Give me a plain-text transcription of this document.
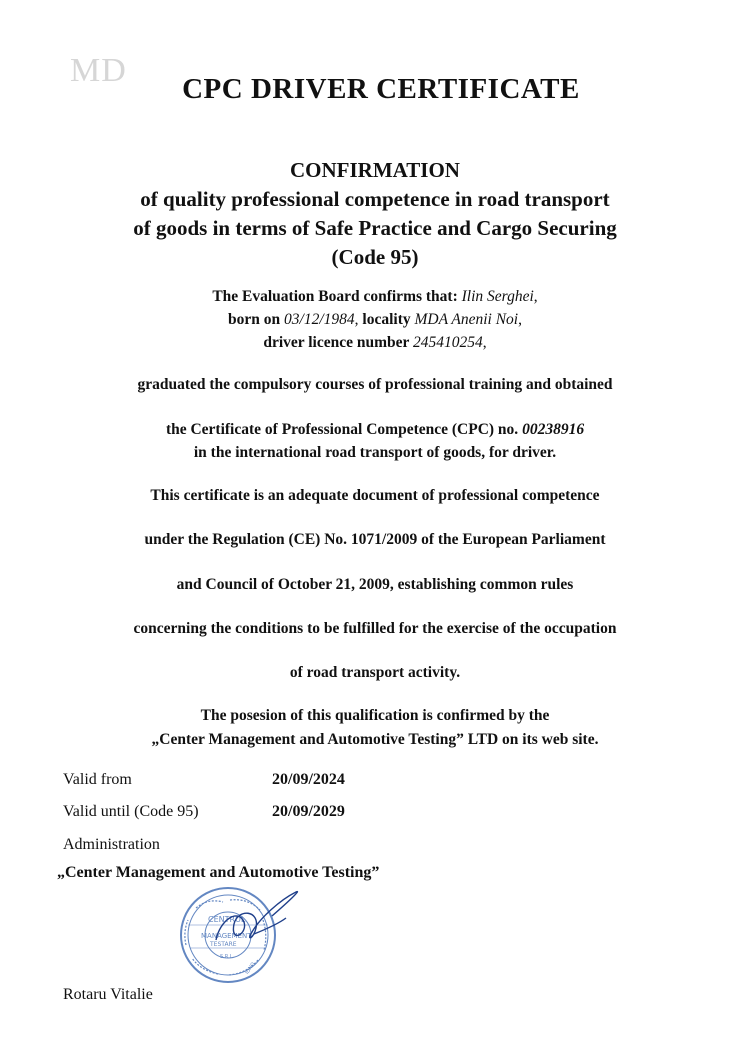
MD	CPC DRIVER CERTIFICATE
CONFIRMATION
of quality professional competence in road transport
of goods in terms of Safe Practice and Cargo Securing
(Code 95)
The Evaluation Board confirms that: Ilin Serghei,
born on 03/12/1984, locality MDA Anenii Noi,
driver licence number 245410254,
graduated the compulsory courses of professional training and obtained
the Certificate of Professional Competence (CPC) no. 00238916
in the international road transport of goods, for driver.
This certificate is an adequate document of professional competence
under the Regulation (CE) No. 1071/2009 of the European Parliament
and Council of October 21, 2009, establishing common rules
concerning the conditions to be fulfilled for the exercise of the occupation
of road transport activity.
The posesion of this qualification is confirmed by the
„Center Management and Automotive Testing” LTD on its web site.
Valid from	20/09/2024
Valid until (Code 95)	20/09/2029
Administration
„Center Management and Automotive Testing”
CENTRUL
MANAGEMENT
TESTARE
S.R.L.
IDNO
Rotaru Vitalie
